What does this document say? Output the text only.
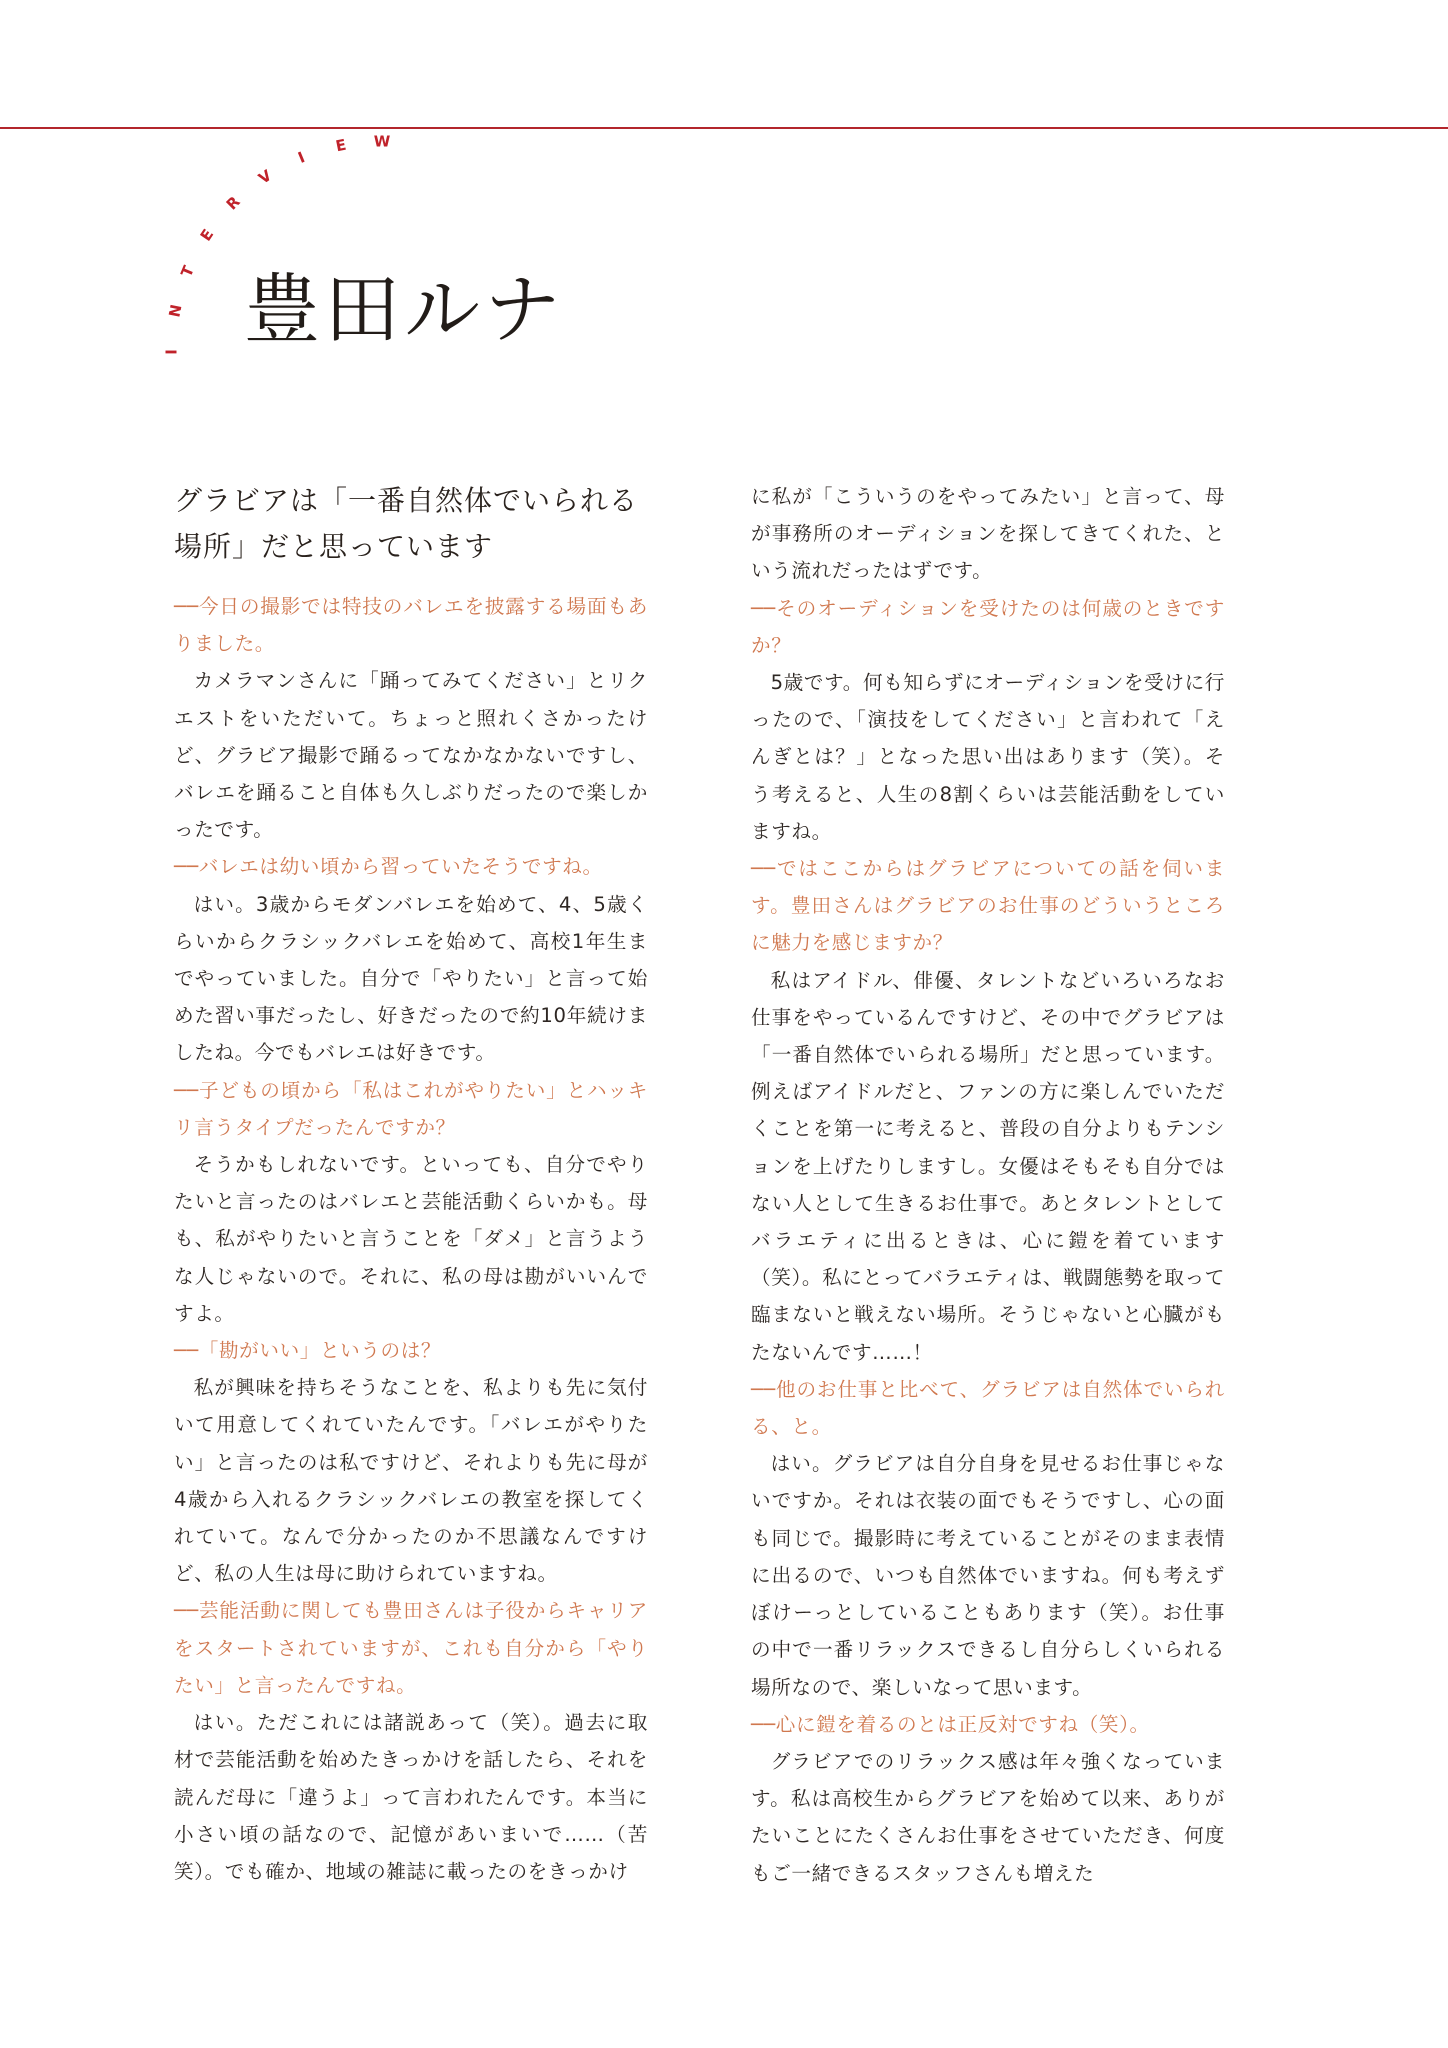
I
N
T
E
R
V
I
E W
豊田ルナ
グラビアは「一番自然体でいられる
場所」だと思っています

──今日の撮影では特技のバレエを披露する場面もありました。

カメラマンさんに「踊ってみてください」とリクエストをいただいて。ちょっと照れくさかったけど、グラビア撮影で踊るってなかなかないですし、バレエを踊ること自体も久しぶりだったので楽しかったです。

──バレエは幼い頃から習っていたそうですね。

はい。3歳からモダンバレエを始めて、4、5歳くらいからクラシックバレエを始めて、高校1年生までやっていました。自分で「やりたい」と言って始めた習い事だったし、好きだったので約10年続けましたね。今でもバレエは好きです。

──子どもの頃から「私はこれがやりたい」とハッキリ言うタイプだったんですか？

そうかもしれないです。といっても、自分でやりたいと言ったのはバレエと芸能活動くらいかも。母も、私がやりたいと言うことを「ダメ」と言うような人じゃないので。それに、私の母は勘がいいんですよ。

──「勘がいい」というのは？

私が興味を持ちそうなことを、私よりも先に気付いて用意してくれていたんです。「バレエがやりたい」と言ったのは私ですけど、それよりも先に母が4歳から入れるクラシックバレエの教室を探してくれていて。なんで分かったのか不思議なんですけど、私の人生は母に助けられていますね。

──芸能活動に関しても豊田さんは子役からキャリアをスタートされていますが、これも自分から「やりたい」と言ったんですね。

はい。ただこれには諸説あって（笑）。過去に取材で芸能活動を始めたきっかけを話したら、それを読んだ母に「違うよ」って言われたんです。本当に小さい頃の話なので、記憶があいまいで……（苦笑）。でも確か、地域の雑誌に載ったのをきっかけ

に私が「こういうのをやってみたい」と言って、母が事務所のオーディションを探してきてくれた、という流れだったはずです。

──そのオーディションを受けたのは何歳のときですか？

5歳です。何も知らずにオーディションを受けに行ったので、「演技をしてください」と言われて「えんぎとは？」となった思い出はあります（笑）。そう考えると、人生の8割くらいは芸能活動をしていますね。

──ではここからはグラビアについての話を伺います。豊田さんはグラビアのお仕事のどういうところに魅力を感じますか？

私はアイドル、俳優、タレントなどいろいろなお仕事をやっているんですけど、その中でグラビアは「一番自然体でいられる場所」だと思っています。例えばアイドルだと、ファンの方に楽しんでいただくことを第一に考えると、普段の自分よりもテンションを上げたりしますし。女優はそもそも自分ではない人として生きるお仕事で。あとタレントとしてバラエティに出るときは、心に鎧を着ています（笑）。私にとってバラエティは、戦闘態勢を取って臨まないと戦えない場所。そうじゃないと心臓がもたないんです……！

──他のお仕事と比べて、グラビアは自然体でいられる、と。

はい。グラビアは自分自身を見せるお仕事じゃないですか。それは衣装の面でもそうですし、心の面も同じで。撮影時に考えていることがそのまま表情に出るので、いつも自然体でいますね。何も考えずぼけーっとしていることもあります（笑）。お仕事の中で一番リラックスできるし自分らしくいられる場所なので、楽しいなって思います。

──心に鎧を着るのとは正反対ですね（笑）。

グラビアでのリラックス感は年々強くなっています。私は高校生からグラビアを始めて以来、ありがたいことにたくさんお仕事をさせていただき、何度もご一緒できるスタッフさんも増えた
